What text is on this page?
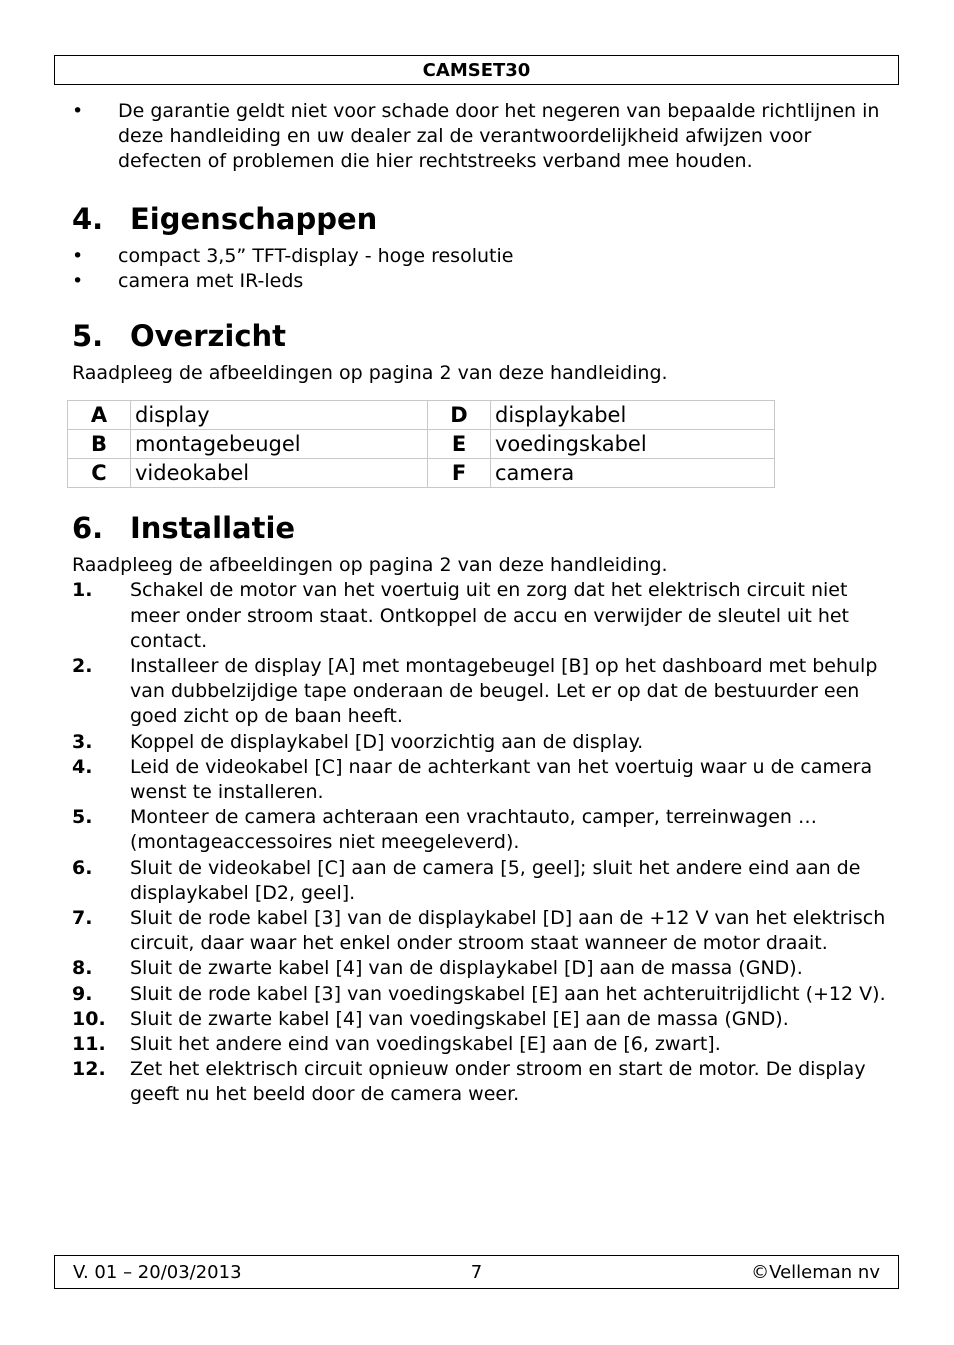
CAMSET30
• De garantie geldt niet voor schade door het negeren van bepaalde richtlijnen in deze handleiding en uw dealer zal de verantwoordelijkheid afwijzen voor defecten of problemen die hier rechtstreeks verband mee houden.
4. Eigenschappen
• compact 3,5” TFT-display - hoge resolutie
• camera met IR-leds
5. Overzicht

Raadpleeg de afbeeldingen op pagina 2 van deze handleiding.

A	display	D	displaykabel
B	montagebeugel	E	voedingskabel
C	videokabel	F	camera
6. Installatie

Raadpleeg de afbeeldingen op pagina 2 van deze handleiding.

1. Schakel de motor van het voertuig uit en zorg dat het elektrisch circuit niet meer onder stroom staat. Ontkoppel de accu en verwijder de sleutel uit het contact.
2. Installeer de display [A] met montagebeugel [B] op het dashboard met behulp van dubbelzijdige tape onderaan de beugel. Let er op dat de bestuurder een goed zicht op de baan heeft.
3. Koppel de displaykabel [D] voorzichtig aan de display.
4. Leid de videokabel [C] naar de achterkant van het voertuig waar u de camera wenst te installeren.
5. Monteer de camera achteraan een vrachtauto, camper, terreinwagen … (montageaccessoires niet meegeleverd).
6. Sluit de videokabel [C] aan de camera [5, geel]; sluit het andere eind aan de displaykabel [D2, geel].
7. Sluit de rode kabel [3] van de displaykabel [D] aan de +12 V van het elektrisch circuit, daar waar het enkel onder stroom staat wanneer de motor draait.
8. Sluit de zwarte kabel [4] van de displaykabel [D] aan de massa (GND).
9. Sluit de rode kabel [3] van voedingskabel [E] aan het achteruitrijdlicht (+12 V).
10. Sluit de zwarte kabel [4] van voedingskabel [E] aan de massa (GND).
11. Sluit het andere eind van voedingskabel [E] aan de [6, zwart].
12. Zet het elektrisch circuit opnieuw onder stroom en start de motor. De display geeft nu het beeld door de camera weer.
V. 01 – 20/03/2013	7	©Velleman nv
